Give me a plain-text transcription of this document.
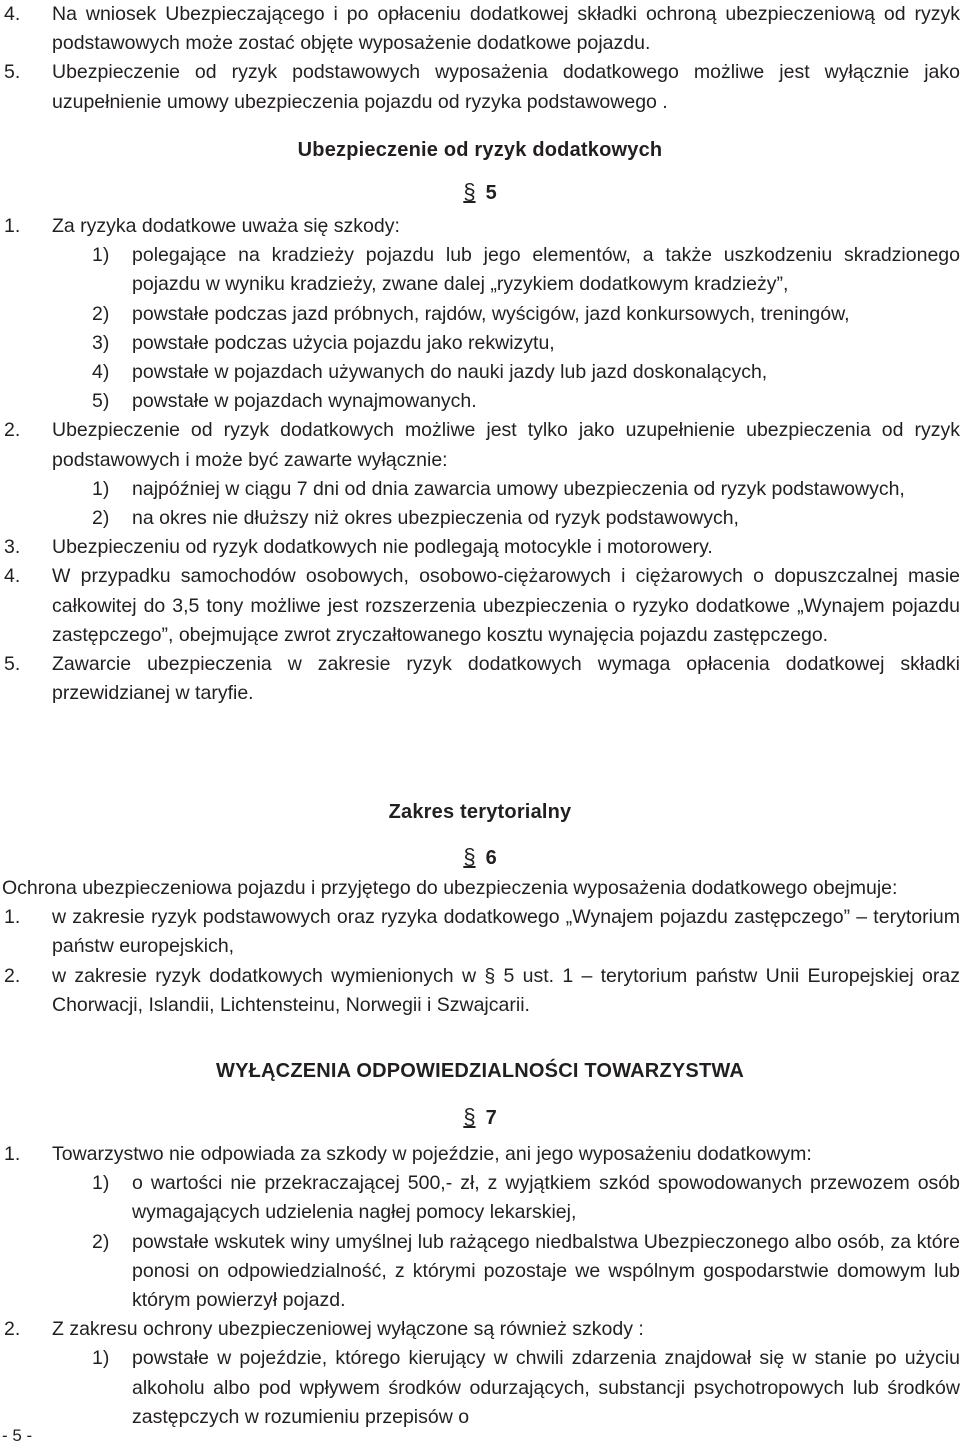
4.	Na wniosek Ubezpieczającego i po opłaceniu dodatkowej składki ochroną ubezpieczeniową od ryzyk podstawowych może zostać objęte wyposażenie dodatkowe pojazdu.
5.	Ubezpieczenie od ryzyk podstawowych wyposażenia dodatkowego możliwe jest wyłącznie jako uzupełnienie umowy ubezpieczenia pojazdu od ryzyka podstawowego .
Ubezpieczenie od ryzyk dodatkowych
§ 5
1.	Za ryzyka dodatkowe uważa się szkody:
1)	polegające na kradzieży pojazdu lub jego elementów, a także uszkodzeniu skradzionego pojazdu w wyniku kradzieży, zwane dalej „ryzykiem dodatkowym kradzieży”,
2)	powstałe podczas jazd próbnych, rajdów, wyścigów, jazd konkursowych, treningów,
3)	powstałe podczas użycia pojazdu jako rekwizytu,
4)	powstałe w pojazdach używanych do nauki jazdy lub jazd doskonalących,
5)	powstałe w pojazdach wynajmowanych.
2.	Ubezpieczenie od ryzyk dodatkowych możliwe jest tylko jako uzupełnienie ubezpieczenia od ryzyk podstawowych i może być zawarte wyłącznie:
1)	najpóźniej w ciągu 7 dni od dnia zawarcia umowy ubezpieczenia od ryzyk podstawowych,
2)	na okres nie dłuższy niż okres ubezpieczenia od ryzyk podstawowych,
3.	Ubezpieczeniu od ryzyk dodatkowych nie podlegają motocykle i motorowery.
4.	W przypadku samochodów osobowych, osobowo-ciężarowych i ciężarowych o dopuszczalnej masie całkowitej do 3,5 tony możliwe jest rozszerzenia ubezpieczenia o ryzyko dodatkowe „Wynajem pojazdu zastępczego”, obejmujące zwrot zryczałtowanego kosztu wynajęcia pojazdu zastępczego.
5.	Zawarcie ubezpieczenia w zakresie ryzyk dodatkowych wymaga opłacenia dodatkowej składki przewidzianej w taryfie.
Zakres terytorialny
§ 6

Ochrona ubezpieczeniowa pojazdu i przyjętego do ubezpieczenia wyposażenia dodatkowego obejmuje:

1.	w zakresie ryzyk podstawowych oraz ryzyka dodatkowego „Wynajem pojazdu zastępczego” – terytorium państw europejskich,
2.	w zakresie ryzyk dodatkowych wymienionych w § 5 ust. 1 – terytorium państw Unii Europejskiej oraz Chorwacji, Islandii, Lichtensteinu, Norwegii i Szwajcarii.
WYŁĄCZENIA ODPOWIEDZIALNOŚCI TOWARZYSTWA
§ 7
1.	Towarzystwo nie odpowiada za szkody w pojeździe, ani jego wyposażeniu dodatkowym:
1)	o wartości nie przekraczającej 500,- zł, z wyjątkiem szkód spowodowanych przewozem osób wymagających udzielenia nagłej pomocy lekarskiej,
2)	powstałe wskutek winy umyślnej lub rażącego niedbalstwa Ubezpieczonego albo osób, za które ponosi on odpowiedzialność, z którymi pozostaje we wspólnym gospodarstwie domowym lub którym powierzył pojazd.
2.	Z zakresu ochrony ubezpieczeniowej wyłączone są również szkody :
1)	powstałe w pojeździe, którego kierujący w chwili zdarzenia znajdował się w stanie po użyciu alkoholu albo pod wpływem środków odurzających, substancji psychotropowych lub środków zastępczych w rozumieniu przepisów o
- 5 -
